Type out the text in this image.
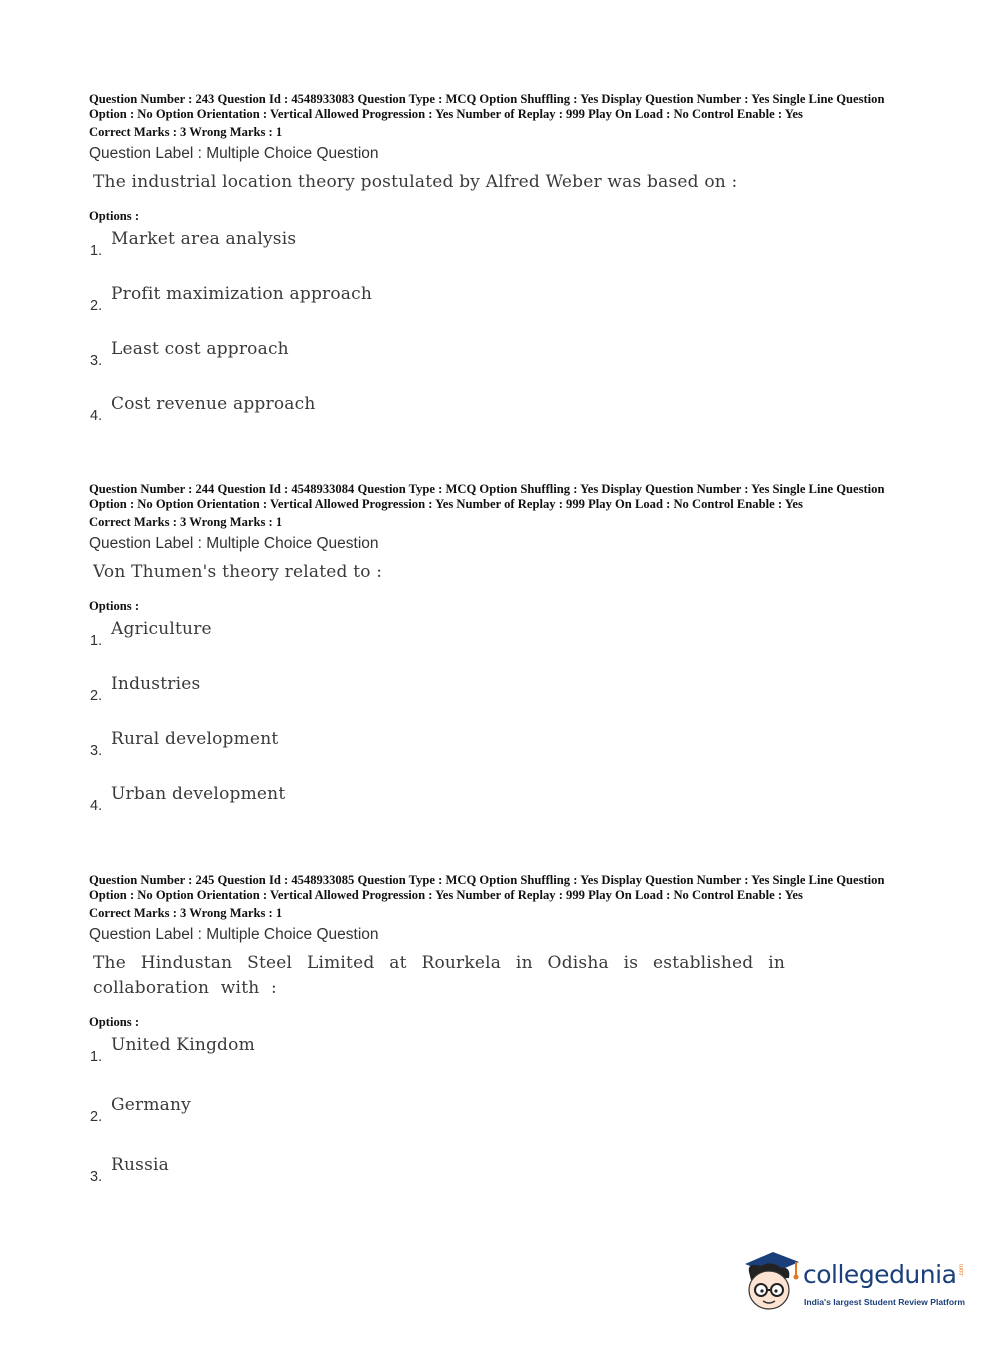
Question Number : 243 Question Id : 4548933083 Question Type : MCQ Option Shuffling : Yes Display Question Number : Yes Single Line Question Option : No Option Orientation : Vertical Allowed Progression : Yes Number of Replay : 999 Play On Load : No Control Enable : Yes

Correct Marks : 3 Wrong Marks : 1
Question Label : Multiple Choice Question
The industrial location theory postulated by Alfred Weber was based on :
Options :
1.
Market area analysis
2.
Profit maximization approach
3.
Least cost approach
4.
Cost revenue approach

Question Number : 244 Question Id : 4548933084 Question Type : MCQ Option Shuffling : Yes Display Question Number : Yes Single Line Question Option : No Option Orientation : Vertical Allowed Progression : Yes Number of Replay : 999 Play On Load : No Control Enable : Yes

Correct Marks : 3 Wrong Marks : 1
Question Label : Multiple Choice Question
Von Thumen's theory related to :
Options :
1.
Agriculture
2.
Industries
3.
Rural development
4.
Urban development

Question Number : 245 Question Id : 4548933085 Question Type : MCQ Option Shuffling : Yes Display Question Number : Yes Single Line Question Option : No Option Orientation : Vertical Allowed Progression : Yes Number of Replay : 999 Play On Load : No Control Enable : Yes

Correct Marks : 3 Wrong Marks : 1
Question Label : Multiple Choice Question
The Hindustan Steel Limited at Rourkela in Odisha is established in collaboration with :
Options :
1.
United Kingdom
2.
Germany
3.
Russia
collegedunia .com
India's largest Student Review Platform
